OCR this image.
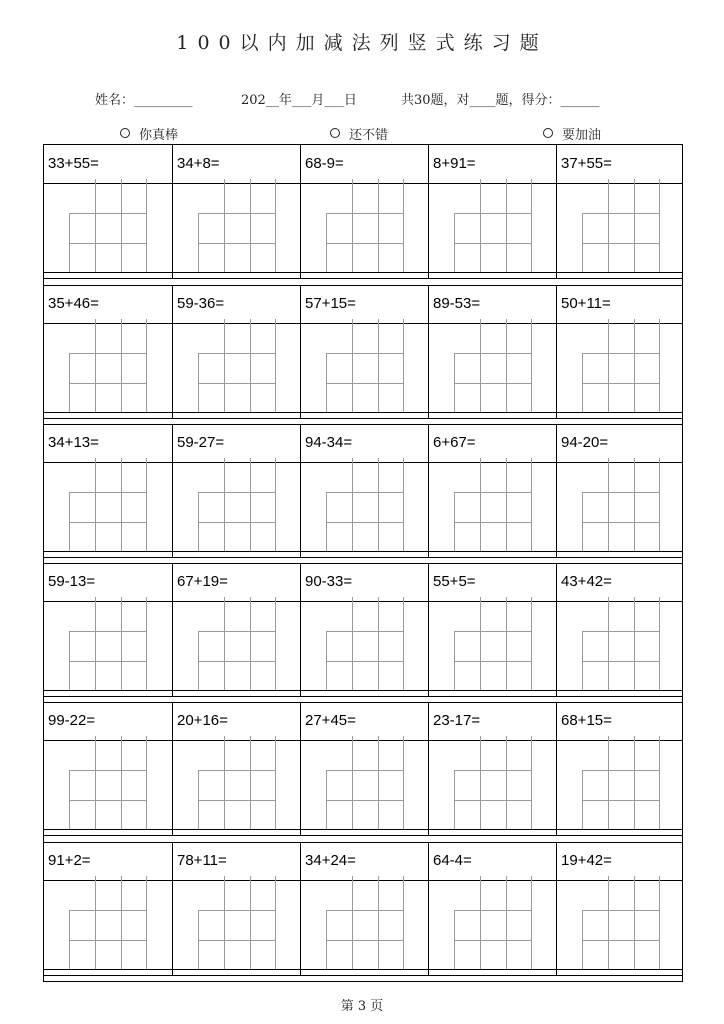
100以内加减法列竖式练习题
姓名：_________	202__年___月___日	共30题，对____题，得分：______
你真棒	还不错	要加油
33+55=	34+8=	68-9=	8+91=	37+55=
35+46=	59-36=	57+15=	89-53=	50+11=
34+13=	59-27=	94-34=	6+67=	94-20=
59-13=	67+19=	90-33=	55+5=	43+42=
99-22=	20+16=	27+45=	23-17=	68+15=
91+2=	78+11=	34+24=	64-4=	19+42=
第 3 页
